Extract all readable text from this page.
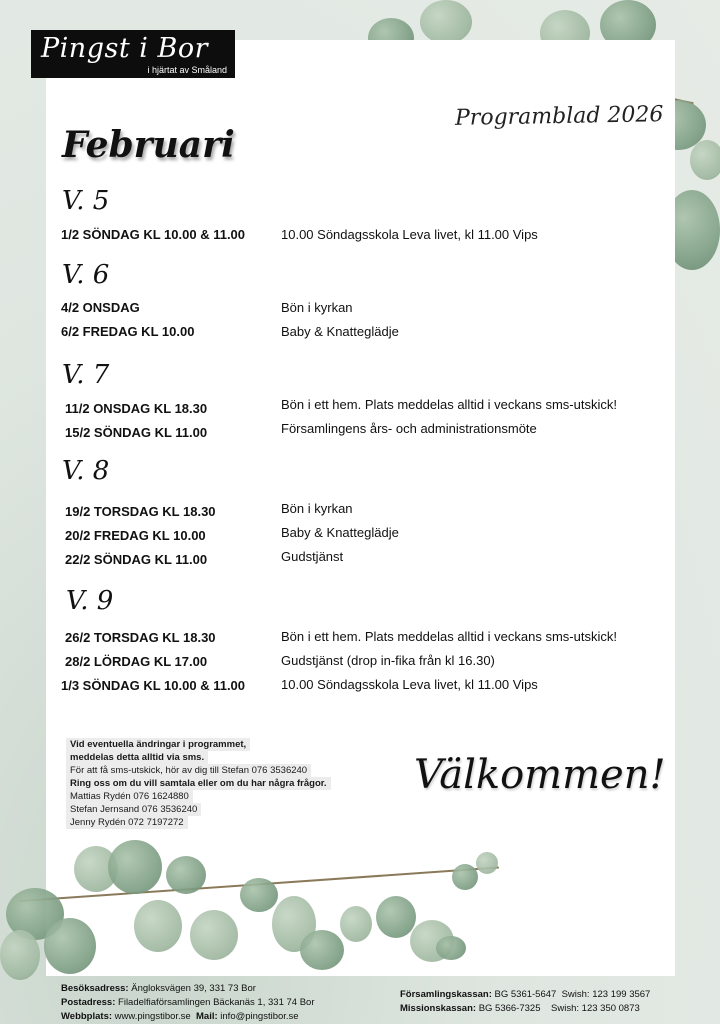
Pingst i Bor
i hjärtat av Småland
Programblad 2026
Februari
V. 5
1/2 SÖNDAG KL 10.00 & 11.00	10.00 Söndagsskola Leva livet, kl 11.00 Vips
V. 6
4/2 ONSDAG	Bön i kyrkan
6/2 FREDAG KL 10.00	Baby & Knatteglädje
V. 7
11/2 ONSDAG KL 18.30	Bön i ett hem. Plats meddelas alltid i veckans sms-utskick!
15/2 SÖNDAG KL 11.00	Församlingens års- och administrationsmöte
V. 8
19/2 TORSDAG KL 18.30	Bön i kyrkan
20/2 FREDAG KL 10.00	Baby & Knatteglädje
22/2 SÖNDAG KL 11.00	Gudstjänst
V. 9
26/2 TORSDAG KL 18.30	Bön i ett hem. Plats meddelas alltid i veckans sms-utskick!
28/2 LÖRDAG KL 17.00	Gudstjänst (drop in-fika från kl 16.30)
1/3 SÖNDAG KL 10.00 & 11.00	10.00 Söndagsskola Leva livet, kl 11.00 Vips
Vid eventuella ändringar i programmet,
meddelas detta alltid via sms.
För att få sms-utskick, hör av dig till Stefan 076 3536240
Ring oss om du vill samtala eller om du har några frågor.
Mattias Rydén 076 1624880
Stefan Jernsand 076 3536240
Jenny Rydén 072 7197272
Välkommen!
Besöksadress: Ängloksvägen 39, 331 73 Bor
Postadress: Filadelfiaförsamlingen Bäckanäs 1, 331 74 Bor
Webbplats: www.pingstibor.se Mail: info@pingstibor.se
Församlingskassan: BG 5361-5647 Swish: 123 199 3567
Missionskassan: BG 5366-7325 Swish: 123 350 0873
